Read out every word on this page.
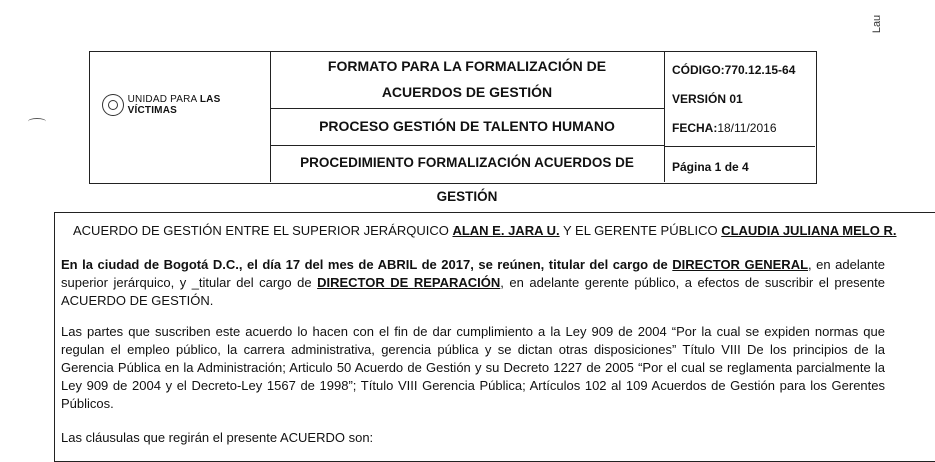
Lau
UNIDAD PARA LAS VÍCTIMAS
FORMATO PARA LA FORMALIZACIÓN DE
ACUERDOS DE GESTIÓN
PROCESO GESTIÓN DE TALENTO HUMANO
PROCEDIMIENTO FORMALIZACIÓN ACUERDOS DE GESTIÓN
CÓDIGO:770.12.15-64
VERSIÓN 01
FECHA:18/11/2016
Página 1 de 4
ACUERDO DE GESTIÓN ENTRE EL SUPERIOR JERÁRQUICO ALAN E. JARA U. Y EL GERENTE PÚBLICO CLAUDIA JULIANA MELO R.
En la ciudad de Bogotá D.C., el día 17 del mes de ABRIL de 2017, se reúnen, titular del cargo de DIRECTOR GENERAL, en adelante superior jerárquico, y _titular del cargo de DIRECTOR DE REPARACIÓN, en adelante gerente público, a efectos de suscribir el presente ACUERDO DE GESTIÓN.
Las partes que suscriben este acuerdo lo hacen con el fin de dar cumplimiento a la Ley 909 de 2004 “Por la cual se expiden normas que regulan el empleo público, la carrera administrativa, gerencia pública y se dictan otras disposiciones” Título VIII De los principios de la Gerencia Pública en la Administración; Articulo 50 Acuerdo de Gestión y su Decreto 1227 de 2005 “Por el cual se reglamenta parcialmente la Ley 909 de 2004 y el Decreto-Ley 1567 de 1998”; Título VIII Gerencia Pública; Artículos 102 al 109 Acuerdos de Gestión para los Gerentes Públicos.
Las cláusulas que regirán el presente ACUERDO son:
